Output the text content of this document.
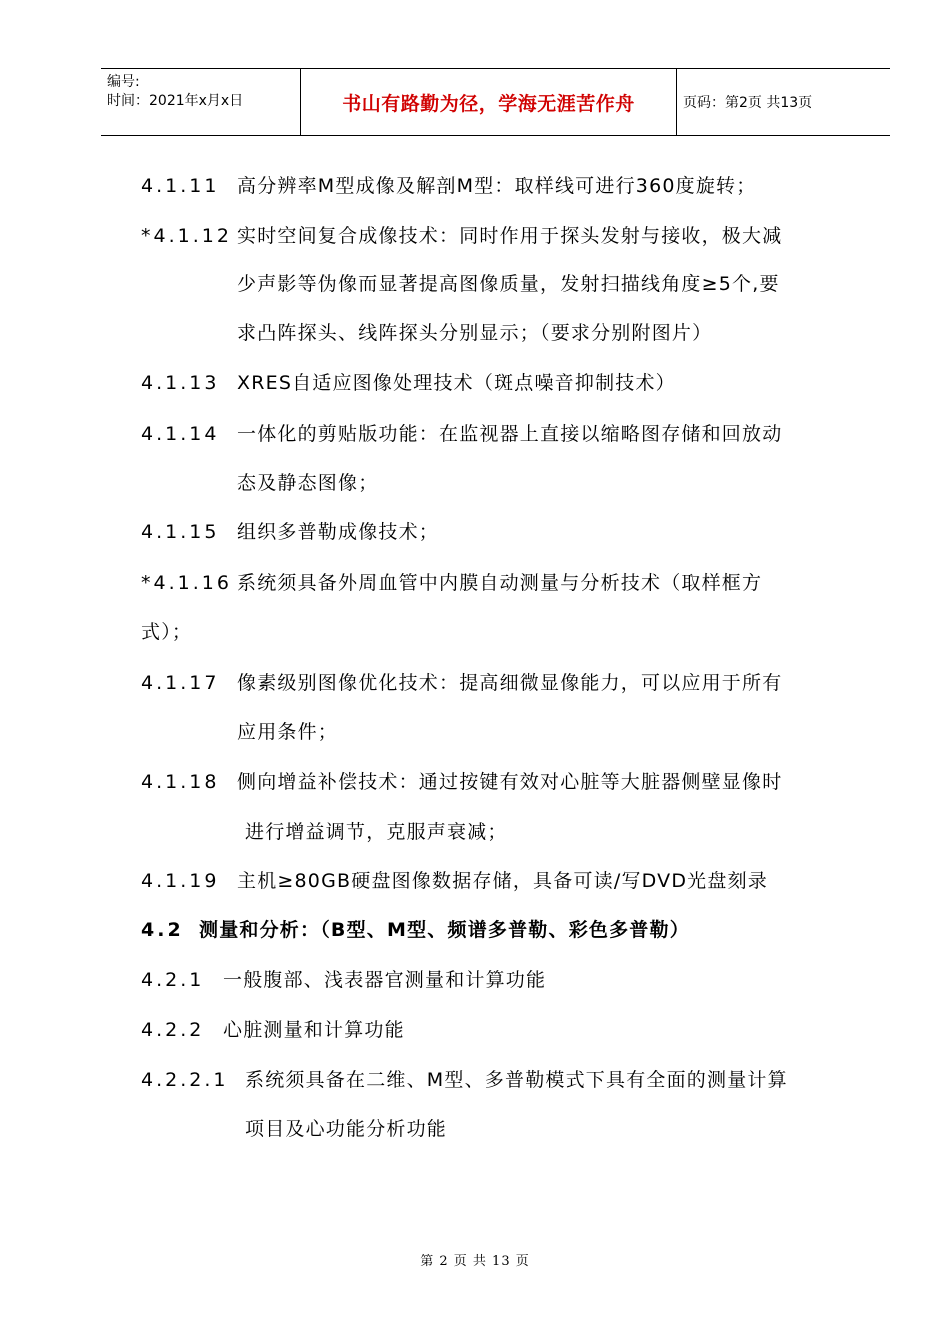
编号:
时间：2021年x月x日	书山有路勤为径，学海无涯苦作舟	页码：第2页 共13页
4.1.11 高分辨率M型成像及解剖M型：取样线可进行360度旋转；
*4.1.12 实时空间复合成像技术：同时作用于探头发射与接收，极大减
少声影等伪像而显著提高图像质量，发射扫描线角度≥5个,要
求凸阵探头、线阵探头分别显示；（要求分别附图片）
4.1.13 XRES自适应图像处理技术（斑点噪音抑制技术）
4.1.14 一体化的剪贴版功能：在监视器上直接以缩略图存储和回放动
态及静态图像；
4.1.15 组织多普勒成像技术；
*4.1.16 系统须具备外周血管中内膜自动测量与分析技术（取样框方
式）；
4.1.17 像素级别图像优化技术：提高细微显像能力，可以应用于所有
应用条件；
4.1.18 侧向增益补偿技术：通过按键有效对心脏等大脏器侧壁显像时
进行增益调节，克服声衰减；
4.1.19 主机≥80GB硬盘图像数据存储，具备可读/写DVD光盘刻录
4.2 测量和分析：（B型、M型、频谱多普勒、彩色多普勒）
4.2.1 一般腹部、浅表器官测量和计算功能
4.2.2 心脏测量和计算功能
4.2.2.1 系统须具备在二维、M型、多普勒模式下具有全面的测量计算
项目及心功能分析功能
第 2 页 共 13 页
